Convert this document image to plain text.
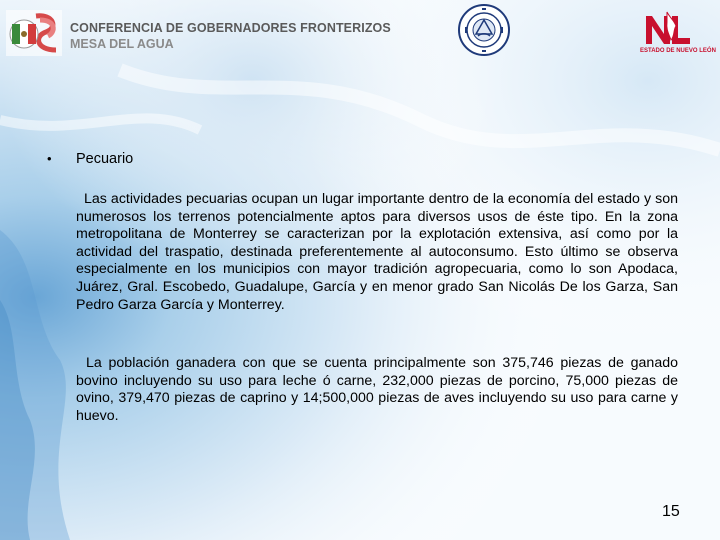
CONFERENCIA DE GOBERNADORES FRONTERIZOS
MESA DEL AGUA	ESTADO DE NUEVO LEÓN
• Pecuario

Las actividades pecuarias ocupan un lugar importante dentro de la economía del estado y son numerosos los terrenos potencialmente aptos para diversos usos de éste tipo. En la zona metropolitana de Monterrey se caracterizan por la explotación extensiva, así como por la actividad del traspatio, destinada preferentemente al autoconsumo. Esto último se observa especialmente en los municipios con mayor tradición agropecuaria, como lo son Apodaca, Juárez, Gral. Escobedo, Guadalupe, García y en menor grado San Nicolás De los Garza, San Pedro Garza García y Monterrey.

La población ganadera con que se cuenta principalmente son 375,746 piezas de ganado bovino incluyendo su uso para leche ó carne, 232,000 piezas de porcino, 75,000 piezas de ovino, 379,470 piezas de caprino y 14;500,000 piezas de aves incluyendo su uso para carne y huevo.

15
